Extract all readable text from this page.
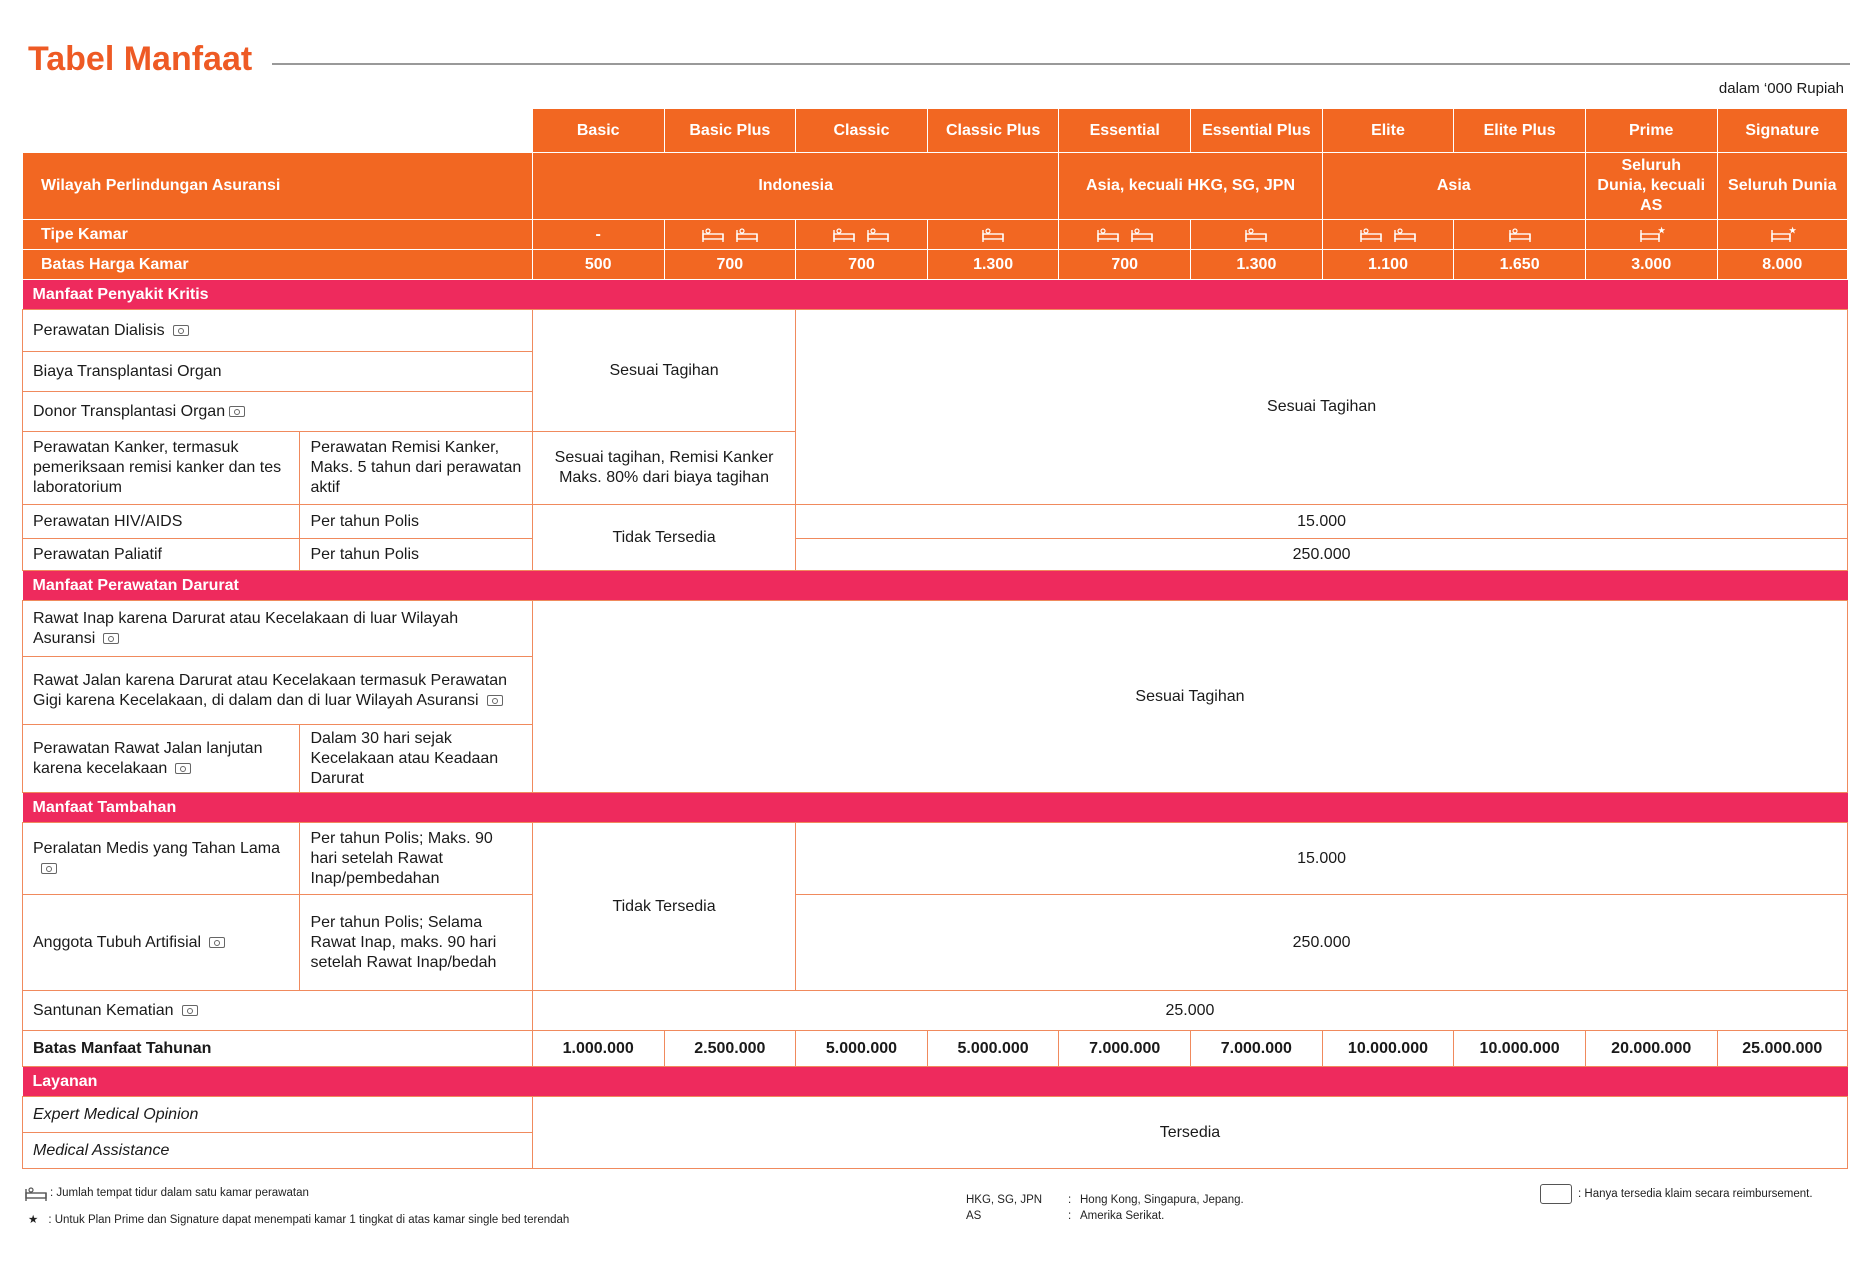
Tabel Manfaat
dalam ‘000 Rupiah
		Basic	Basic Plus	Classic	Classic Plus	Essential	Essential Plus	Elite	Elite Plus	Prime	Signature
Wilayah Perlindungan Asuransi		Indonesia				Asia, kecuali HKG, SG, JPN		Asia		Seluruh Dunia, kecuali AS	Seluruh Dunia
Tipe Kamar		-								★	★

Batas Harga Kamar		500	700	700	1.300	700	1.300	1.100	1.650	3.000	8.000
Manfaat Penyakit Kritis											
Perawatan Dialisis		Sesuai Tagihan		Sesuai Tagihan							
Biaya Transplantasi Organ											
Donor Transplantasi Organ											
Perawatan Kanker, termasuk pemeriksaan remisi kanker dan tes laboratorium	Perawatan Remisi Kanker, Maks. 5 tahun dari perawatan aktif	Sesuai tagihan, Remisi Kanker Maks. 80% dari biaya tagihan									
Perawatan HIV/AIDS	Per tahun Polis	Tidak Tersedia		15.000							
Perawatan Paliatif	Per tahun Polis			250.000							
Manfaat Perawatan Darurat											
Rawat Inap karena Darurat atau Kecelakaan di luar Wilayah Asuransi		Sesuai Tagihan									
Rawat Jalan karena Darurat atau Kecelakaan termasuk Perawatan Gigi karena Kecelakaan, di dalam dan di luar Wilayah Asuransi											
Perawatan Rawat Jalan lanjutan karena kecelakaan	Dalam 30 hari sejak Kecelakaan atau Keadaan Darurat										
Manfaat Tambahan											
Peralatan Medis yang Tahan Lama	Per tahun Polis; Maks. 90 hari setelah Rawat Inap/pembedahan	Tidak Tersedia		15.000							
Anggota Tubuh Artifisial	Per tahun Polis; Selama Rawat Inap, maks. 90 hari setelah Rawat Inap/bedah			250.000							
Santunan Kematian		25.000									
Batas Manfaat Tahunan		1.000.000	2.500.000	5.000.000	5.000.000	7.000.000	7.000.000	10.000.000	10.000.000	20.000.000	25.000.000
Layanan											
Expert Medical Opinion		Tersedia									
Medical Assistance											
: Jumlah tempat tidur dalam satu kamar perawatan
★ : Untuk Plan Prime dan Signature dapat menempati kamar 1 tingkat di atas kamar single bed terendah
HKG, SG, JPN : Hong Kong, Singapura, Jepang.
AS	: Amerika Serikat.
: Hanya tersedia klaim secara reimbursement.
